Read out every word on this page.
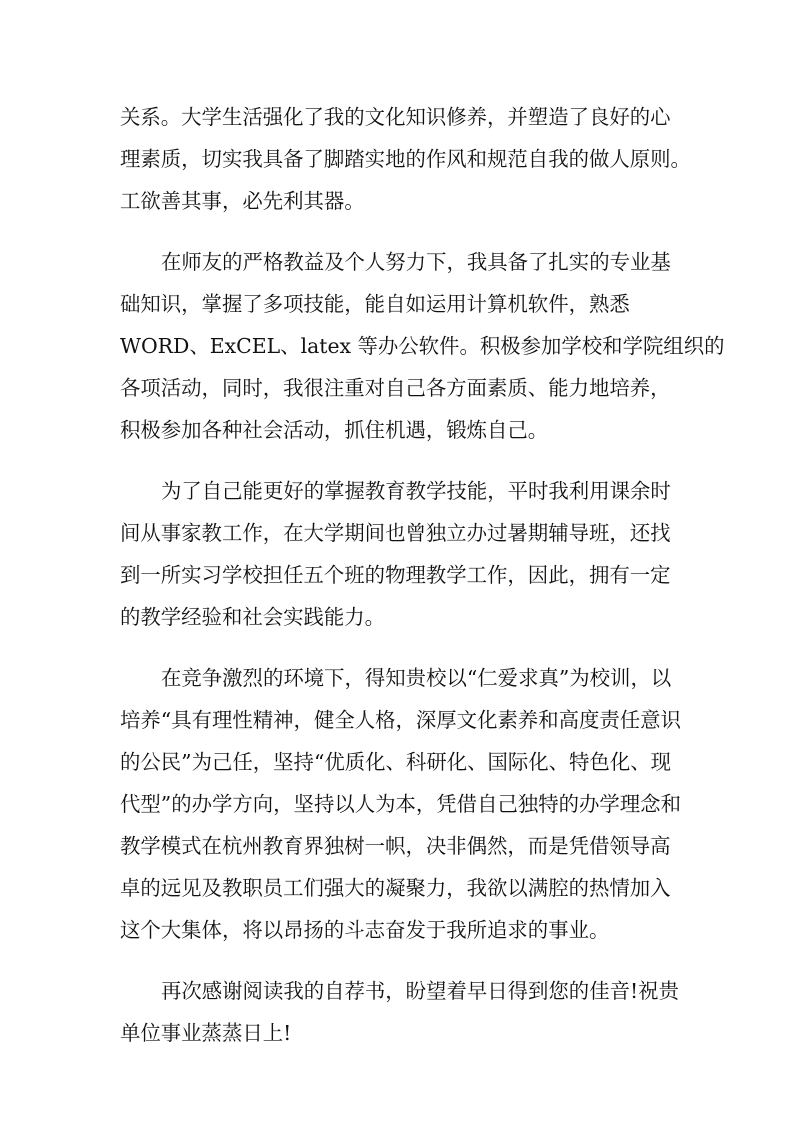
关系。大学生活强化了我的文化知识修养，并塑造了良好的心
理素质，切实我具备了脚踏实地的作风和规范自我的做人原则。
工欲善其事，必先利其器。
在师友的严格教益及个人努力下，我具备了扎实的专业基
础知识，掌握了多项技能，能自如运用计算机软件，熟悉
WORD、ExCEL、latex 等办公软件。积极参加学校和学院组织的
各项活动，同时，我很注重对自己各方面素质、能力地培养，
积极参加各种社会活动，抓住机遇，锻炼自己。
为了自己能更好的掌握教育教学技能，平时我利用课余时
间从事家教工作，在大学期间也曾独立办过暑期辅导班，还找
到一所实习学校担任五个班的物理教学工作，因此，拥有一定
的教学经验和社会实践能力。
在竞争激烈的环境下，得知贵校以“仁爱求真”为校训，以
培养“具有理性精神，健全人格，深厚文化素养和高度责任意识
的公民”为己任，坚持“优质化、科研化、国际化、特色化、现
代型”的办学方向，坚持以人为本，凭借自己独特的办学理念和
教学模式在杭州教育界独树一帜，决非偶然，而是凭借领导高
卓的远见及教职员工们强大的凝聚力，我欲以满腔的热情加入
这个大集体，将以昂扬的斗志奋发于我所追求的事业。
再次感谢阅读我的自荐书，盼望着早日得到您的佳音!祝贵
单位事业蒸蒸日上!
